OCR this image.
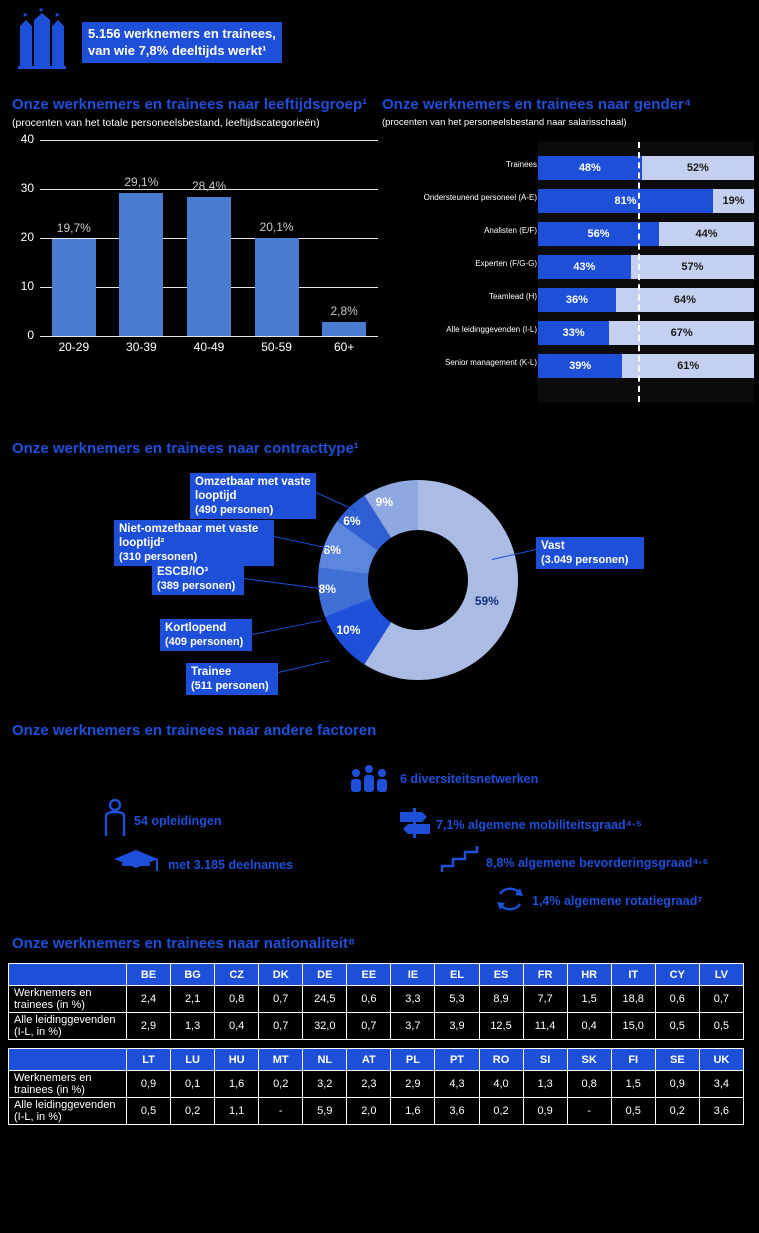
★
★
★
5.156 werknemers en trainees,
van wie 7,8% deeltijds werkt¹
Onze werknemers en trainees naar leeftijdsgroep¹
(procenten van het totale personeelsbestand, leeftijdscategorieën)
0
10
20
30
40
19,7%
20-29
29,1%
30-39
28,4%
40-49
20,1%
50-59
2,8%
60+
Onze werknemers en trainees naar gender⁴
(procenten van het personeelsbestand naar salarisschaal)
48%	52%
81%	19%
56%	44%
43%	57%
36%	64%
33%	67%
39%	61%
Onze werknemers en trainees naar contracttype¹
Onze werknemers en trainees naar andere factoren
6 diversiteitsnetwerken
54 opleidingen	7,1% algemene mobiliteitsgraad⁴·⁵
met 3.185 deelnames	8,8% algemene bevorderingsgraad⁴·⁶
1,4% algemene rotatiegraad⁷
Onze werknemers en trainees naar nationaliteit⁸
	BE	BG	CZ	DK	DE	EE	IE	EL	ES	FR	HR	IT	CY	LV
Werknemers en trainees (in %)	2,4	2,1	0,8	0,7	24,5	0,6	3,3	5,3	8,9	7,7	1,5	18,8	0,6	0,7
Alle leidinggevenden (I-L, in %)	2,9	1,3	0,4	0,7	32,0	0,7	3,7	3,9	12,5	11,4	0,4	15,0	0,5	0,5
	LT	LU	HU	MT	NL	AT	PL	PT	RO	SI	SK	FI	SE	UK
Werknemers en trainees (in %)	0,9	0,1	1,6	0,2	3,2	2,3	2,9	4,3	4,0	1,3	0,8	1,5	0,9	3,4
Alle leidinggevenden (I-L, in %)	0,5	0,2	1,1	-	5,9	2,0	1,6	3,6	0,2	0,9	-	0,5	0,2	3,6
Trainees
Ondersteunend personeel (A-E)
Analisten (E/F)
Experten (F/G-G)
Teamlead (H)
Alle leidinggevenden (I-L)
Senior management (K-L)
59%
10%
8%
8%
6%
9%
Omzetbaar met vaste looptijd
(490 personen)
Niet-omzetbaar met vaste looptijd²
(310 personen)
ESCB/IO³
(389 personen)
Kortlopend
(409 personen)
Trainee
(511 personen)
Vast
(3.049 personen)
